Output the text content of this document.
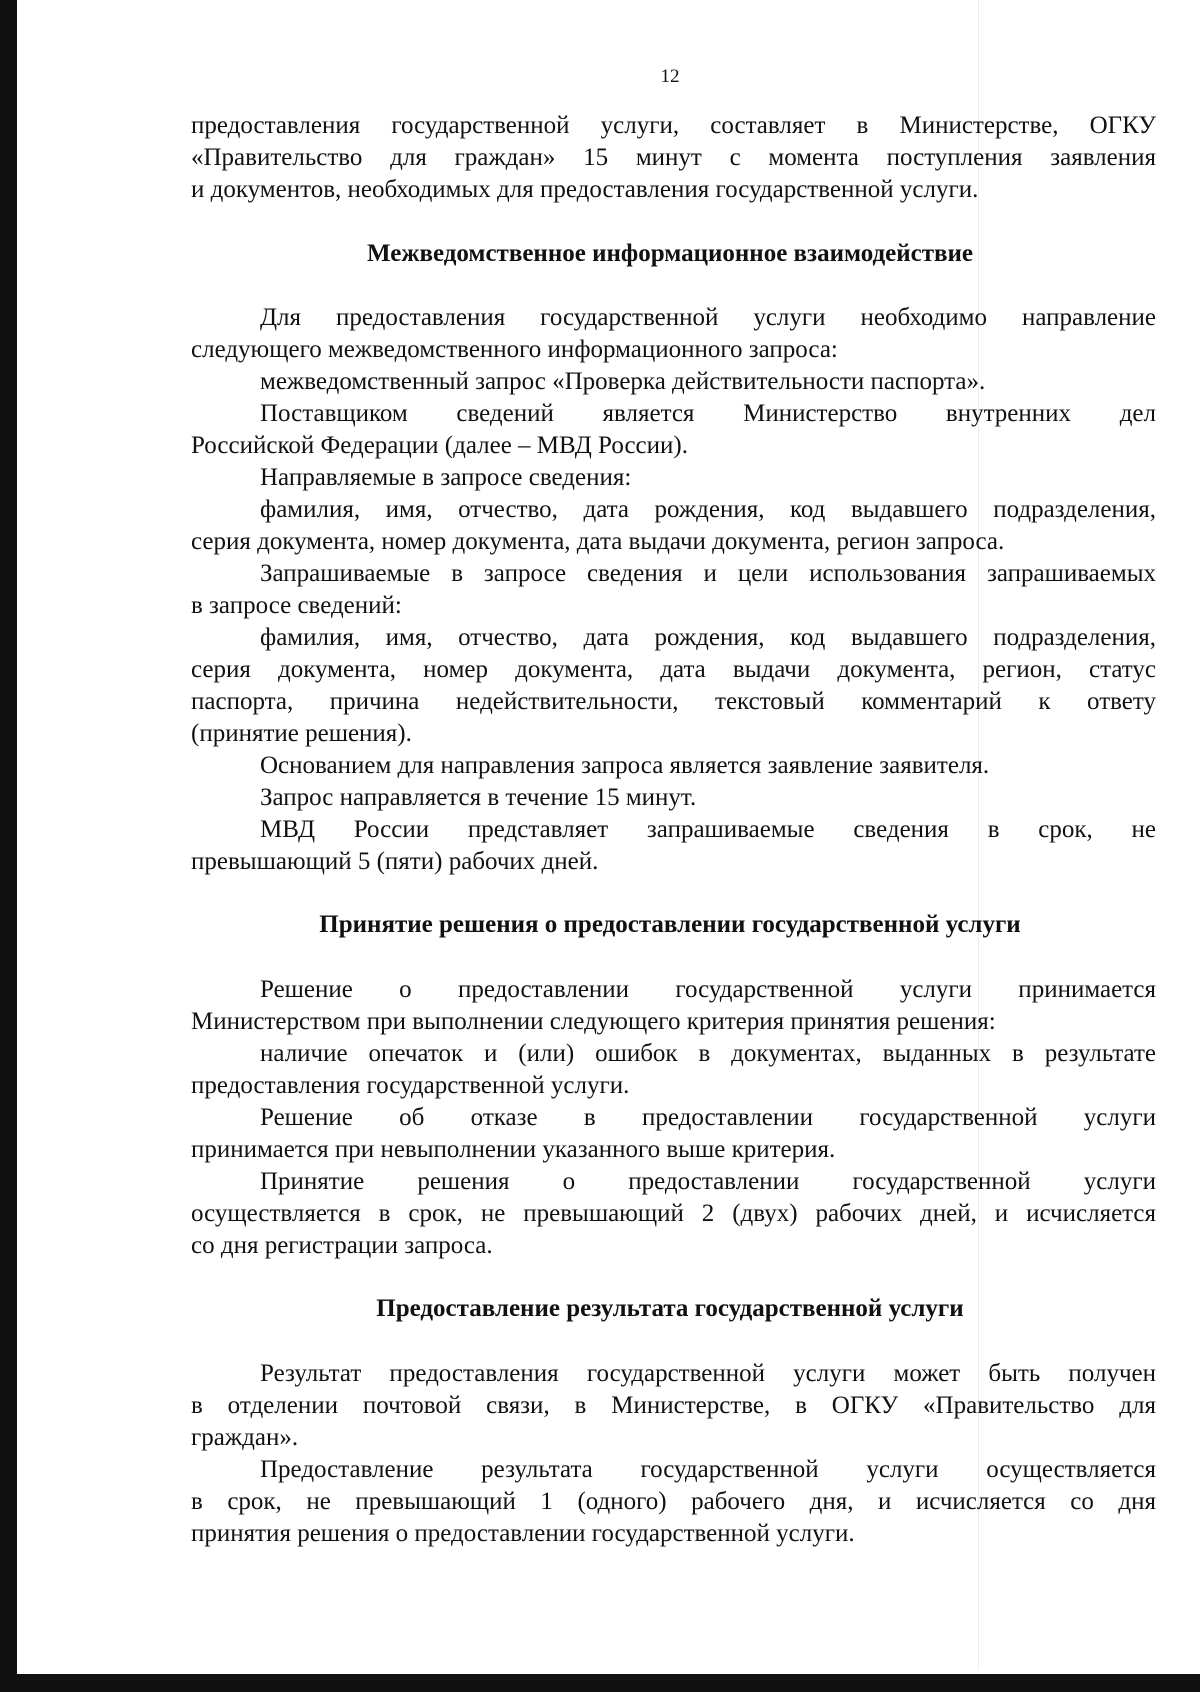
12
предоставления государственной услуги, составляет в Министерстве, ОГКУ
«Правительство для граждан» 15 минут с момента поступления заявления
и документов, необходимых для предоставления государственной услуги.
Межведомственное информационное взаимодействие
Для предоставления государственной услуги необходимо направление
следующего межведомственного информационного запроса:
межведомственный запрос «Проверка действительности паспорта».
Поставщиком сведений является Министерство внутренних дел
Российской Федерации (далее – МВД России).
Направляемые в запросе сведения:
фамилия, имя, отчество, дата рождения, код выдавшего подразделения,
серия документа, номер документа, дата выдачи документа, регион запроса.
Запрашиваемые в запросе сведения и цели использования запрашиваемых
в запросе сведений:
фамилия, имя, отчество, дата рождения, код выдавшего подразделения,
серия документа, номер документа, дата выдачи документа, регион, статус
паспорта, причина недействительности, текстовый комментарий к ответу
(принятие решения).
Основанием для направления запроса является заявление заявителя.
Запрос направляется в течение 15 минут.
МВД России представляет запрашиваемые сведения в срок, не
превышающий 5 (пяти) рабочих дней.
Принятие решения о предоставлении государственной услуги
Решение о предоставлении государственной услуги принимается
Министерством при выполнении следующего критерия принятия решения:
наличие опечаток и (или) ошибок в документах, выданных в результате
предоставления государственной услуги.
Решение об отказе в предоставлении государственной услуги
принимается при невыполнении указанного выше критерия.
Принятие решения о предоставлении государственной услуги
осуществляется в срок, не превышающий 2 (двух) рабочих дней, и исчисляется
со дня регистрации запроса.
Предоставление результата государственной услуги
Результат предоставления государственной услуги может быть получен
в отделении почтовой связи, в Министерстве, в ОГКУ «Правительство для
граждан».
Предоставление результата государственной услуги осуществляется
в срок, не превышающий 1 (одного) рабочего дня, и исчисляется со дня
принятия решения о предоставлении государственной услуги.
